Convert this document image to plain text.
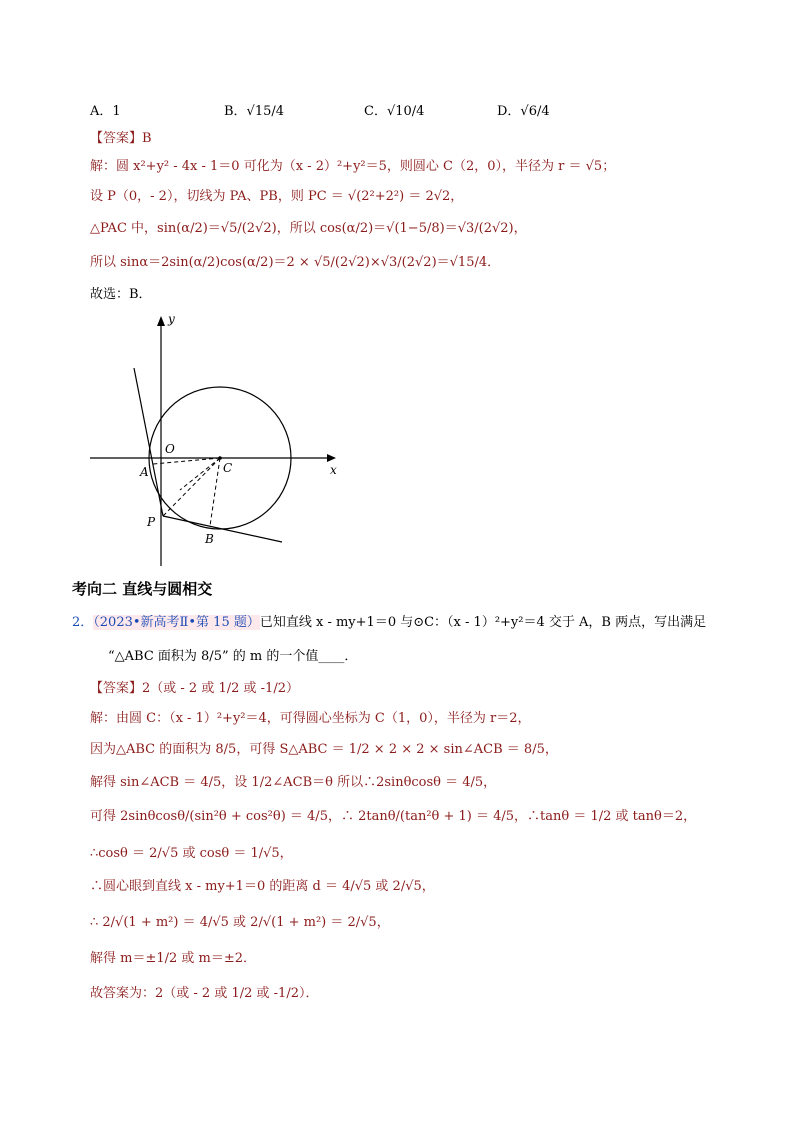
A．1	B．√15/4	C．√10/4	D．√6/4
【答案】B
解：圆 x²+y² - 4x - 1＝0 可化为（x - 2）²+y²＝5，则圆心 C（2，0），半径为 r ＝ √5；
设 P（0，- 2），切线为 PA、PB，则 PC ＝ √(2²+2²) ＝ 2√2，
△PAC 中，sin(α/2)＝√5/(2√2)，所以 cos(α/2)＝√(1−5/8)＝√3/(2√2)，
所以 sinα＝2sin(α/2)cos(α/2)＝2 × √5/(2√2)×√3/(2√2)＝√15/4．
故选：B．
y
x
O
A	C
P
B
考向二 直线与圆相交
2．（2023•新高考Ⅱ•第 15 题）已知直线 x - my+1＝0 与⊙C：（x - 1）²+y²＝4 交于 A，B 两点，写出满足
“△ABC 面积为 8/5” 的 m 的一个值____．
【答案】2（或 - 2 或 1/2 或 -1/2）
解：由圆 C：（x - 1）²+y²＝4，可得圆心坐标为 C（1，0），半径为 r＝2，
因为△ABC 的面积为 8/5，可得 S△ABC ＝ 1/2 × 2 × 2 × sin∠ACB ＝ 8/5，
解得 sin∠ACB ＝ 4/5，设 1/2∠ACB＝θ 所以∴2sinθcosθ ＝ 4/5，
可得 2sinθcosθ/(sin²θ + cos²θ) ＝ 4/5，∴ 2tanθ/(tan²θ + 1) ＝ 4/5，∴tanθ ＝ 1/2 或 tanθ＝2，
∴cosθ ＝ 2/√5 或 cosθ ＝ 1/√5，
∴圆心眼到直线 x - my+1＝0 的距离 d ＝ 4/√5 或 2/√5，
∴ 2/√(1 + m²) ＝ 4/√5 或 2/√(1 + m²) ＝ 2/√5，
解得 m＝±1/2 或 m＝±2．
故答案为：2（或 - 2 或 1/2 或 -1/2）．
